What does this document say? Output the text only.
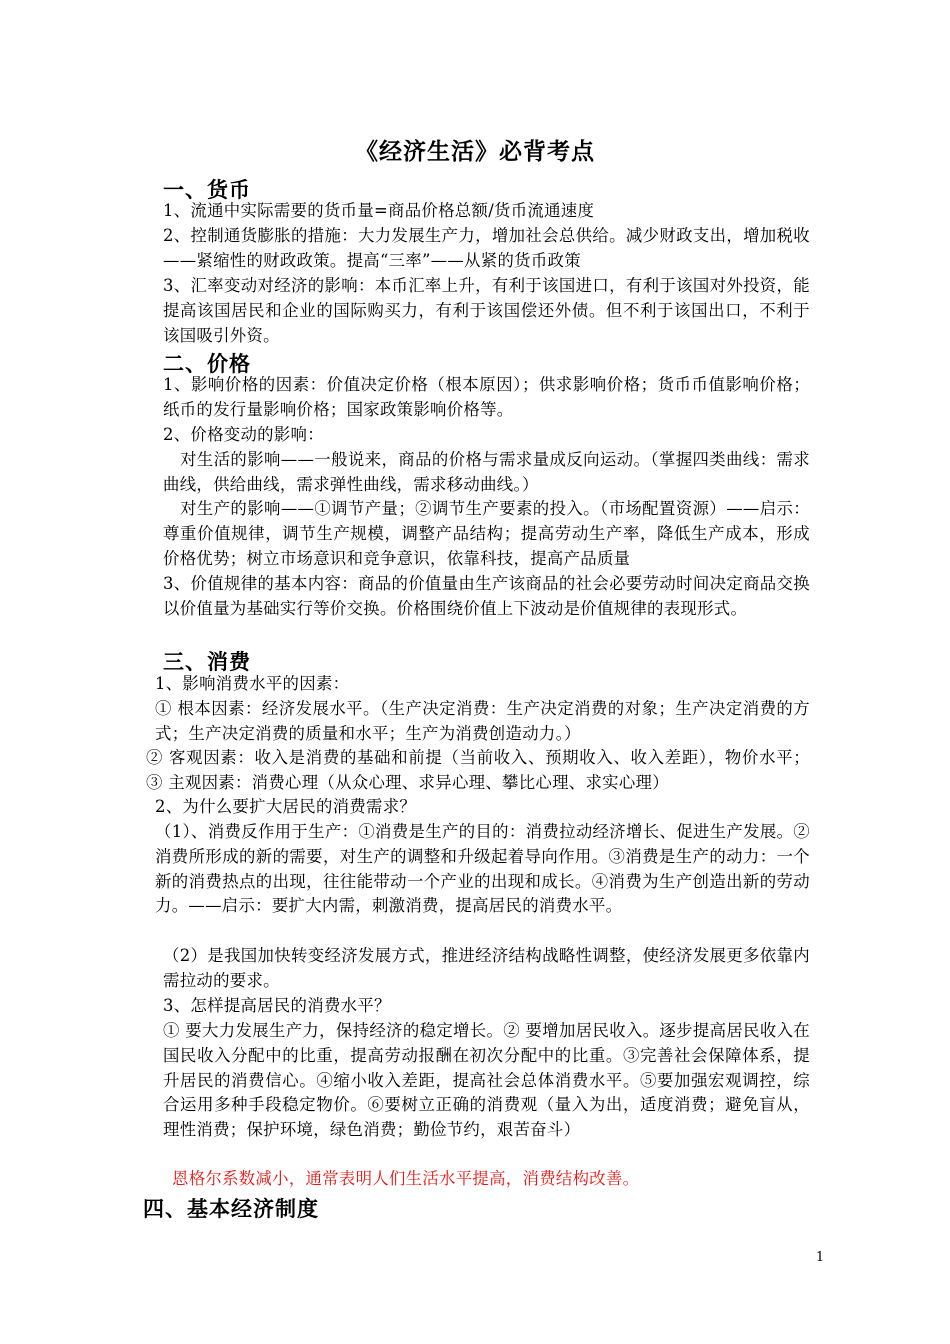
《经济生活》必背考点
一、货币
1、流通中实际需要的货币量=商品价格总额/货币流通速度
2、控制通货膨胀的措施：大力发展生产力，增加社会总供给。减少财政支出，增加税收——紧缩性的财政政策。提高“三率”——从紧的货币政策
3、汇率变动对经济的影响：本币汇率上升，有利于该国进口，有利于该国对外投资，能提高该国居民和企业的国际购买力，有利于该国偿还外债。但不利于该国出口，不利于该国吸引外资。
二、价格
1、影响价格的因素：价值决定价格（根本原因）；供求影响价格；货币币值影响价格；纸币的发行量影响价格；国家政策影响价格等。
2、价格变动的影响：
对生活的影响——一般说来，商品的价格与需求量成反向运动。（掌握四类曲线：需求曲线，供给曲线，需求弹性曲线，需求移动曲线。）
对生产的影响——①调节产量；②调节生产要素的投入。（市场配置资源）——启示：尊重价值规律，调节生产规模，调整产品结构；提高劳动生产率，降低生产成本，形成价格优势；树立市场意识和竞争意识，依靠科技，提高产品质量
3、价值规律的基本内容：商品的价值量由生产该商品的社会必要劳动时间决定商品交换以价值量为基础实行等价交换。价格围绕价值上下波动是价值规律的表现形式。
三、消费
1、影响消费水平的因素：
① 根本因素：经济发展水平。（生产决定消费：生产决定消费的对象；生产决定消费的方式；生产决定消费的质量和水平；生产为消费创造动力。）
② 客观因素：收入是消费的基础和前提（当前收入、预期收入、收入差距），物价水平；③ 主观因素：消费心理（从众心理、求异心理、攀比心理、求实心理）
2、为什么要扩大居民的消费需求？
（1）、消费反作用于生产：①消费是生产的目的：消费拉动经济增长、促进生产发展。② 消费所形成的新的需要，对生产的调整和升级起着导向作用。③消费是生产的动力：一个新的消费热点的出现，往往能带动一个产业的出现和成长。④消费为生产创造出新的劳动力。——启示：要扩大内需，刺激消费，提高居民的消费水平。
（2）是我国加快转变经济发展方式，推进经济结构战略性调整，使经济发展更多依靠内需拉动的要求。
3、怎样提高居民的消费水平？
① 要大力发展生产力，保持经济的稳定增长。② 要增加居民收入。逐步提高居民收入在国民收入分配中的比重，提高劳动报酬在初次分配中的比重。③完善社会保障体系，提升居民的消费信心。④缩小收入差距，提高社会总体消费水平。⑤要加强宏观调控，综合运用多种手段稳定物价。⑥要树立正确的消费观（量入为出，适度消费；避免盲从，理性消费；保护环境，绿色消费；勤俭节约，艰苦奋斗）
恩格尔系数减小，通常表明人们生活水平提高，消费结构改善。
四、基本经济制度
1
